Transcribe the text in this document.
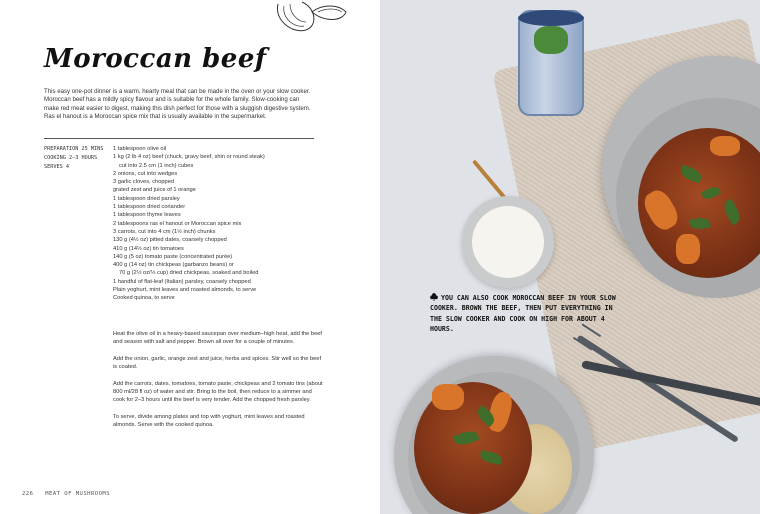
Moroccan beef

This easy one-pot dinner is a warm, hearty meal that can be made in the oven or your slow cooker. Moroccan beef has a mildly spicy flavour and is suitable for the whole family. Slow-cooking can make red meat easier to digest, making this dish perfect for those with a sluggish digestive system. Ras el hanout is a Moroccan spice mix that is usually available in the supermarket.

PREPARATION 25 MINS
COOKING 2–3 HOURS
SERVES 4
1 tablespoon olive oil
1 kg (2 lb 4 oz) beef (chuck, gravy beef, shin or round steak)
cut into 2.5 cm (1 inch) cubes
2 onions, cut into wedges
3 garlic cloves, chopped
grated zest and juice of 1 orange
1 tablespoon dried parsley
1 tablespoon dried coriander
1 tablespoon thyme leaves
2 tablespoons ras el hanout or Moroccan spice mix
3 carrots, cut into 4 cm (1½ inch) chunks
130 g (4½ oz) pitted dates, coarsely chopped
410 g (14½ oz) tin tomatoes
140 g (5 oz) tomato paste (concentrated purée)
400 g (14 oz) tin chickpeas (garbanzo beans) or
70 g (2½ oz/⅓ cup) dried chickpeas, soaked and boiled
1 handful of flat-leaf (Italian) parsley, coarsely chopped
Plain yoghurt, mint leaves and roasted almonds, to serve
Cooked quinoa, to serve

Heat the olive oil in a heavy-based saucepan over medium–high heat, add the beef and season with salt and pepper. Brown all over for a couple of minutes.

Add the onion, garlic, orange zest and juice, herbs and spices. Stir well so the beef is coated.

Add the carrots, dates, tomatoes, tomato paste, chickpeas and 2 tomato tins (about 800 ml/28 fl oz) of water and stir. Bring to the boil, then reduce to a simmer and cook for 2–3 hours until the beef is very tender. Add the chopped fresh parsley.

To serve, divide among plates and top with yoghurt, mint leaves and roasted almonds. Serve with the cooked quinoa.

226 MEAT OF MUSHROOMS
YOU CAN ALSO COOK MOROCCAN BEEF IN YOUR SLOW COOKER. BROWN THE BEEF, THEN PUT EVERYTHING IN THE SLOW COOKER AND COOK ON HIGH FOR ABOUT 4 HOURS.
